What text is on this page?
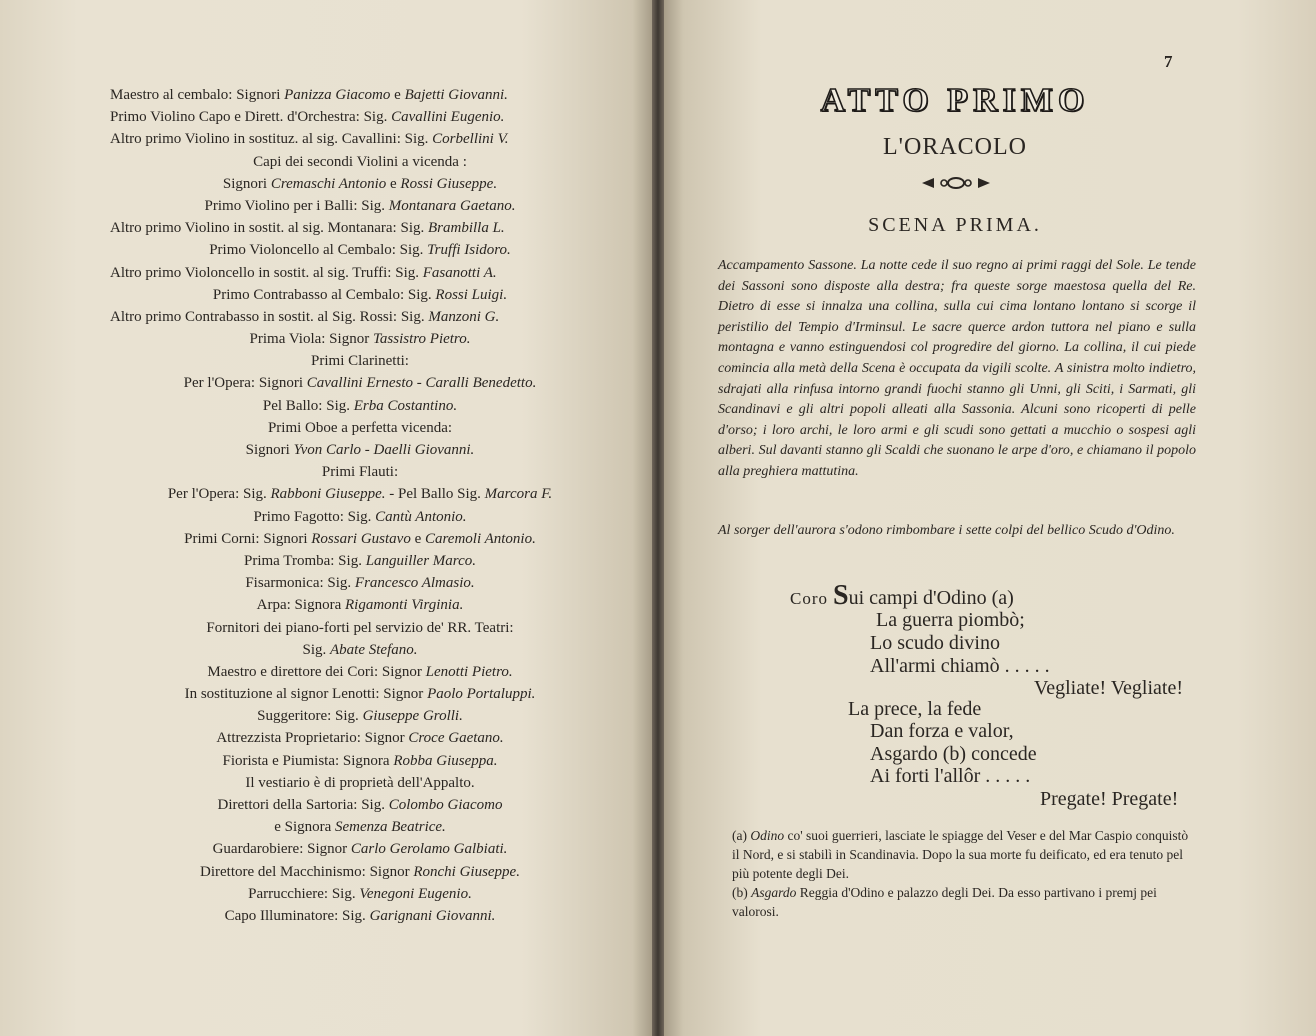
Maestro al cembalo: Signori Panizza Giacomo e Bajetti Giovanni.
Primo Violino Capo e Dirett. d'Orchestra: Sig. Cavallini Eugenio.
Altro primo Violino in sostituz. al sig. Cavallini: Sig. Corbellini V.
Capi dei secondi Violini a vicenda :
Signori Cremaschi Antonio e Rossi Giuseppe.
Primo Violino per i Balli: Sig. Montanara Gaetano.
Altro primo Violino in sostit. al sig. Montanara: Sig. Brambilla L.
Primo Violoncello al Cembalo: Sig. Truffi Isidoro.
Altro primo Violoncello in sostit. al sig. Truffi: Sig. Fasanotti A.
Primo Contrabasso al Cembalo: Sig. Rossi Luigi.
Altro primo Contrabasso in sostit. al Sig. Rossi: Sig. Manzoni G.
Prima Viola: Signor Tassistro Pietro.
Primi Clarinetti:
Per l'Opera: Signori Cavallini Ernesto - Caralli Benedetto.
Pel Ballo: Sig. Erba Costantino.
Primi Oboe a perfetta vicenda:
Signori Yvon Carlo - Daelli Giovanni.
Primi Flauti:
Per l'Opera: Sig. Rabboni Giuseppe. - Pel Ballo Sig. Marcora F.
Primo Fagotto: Sig. Cantù Antonio.
Primi Corni: Signori Rossari Gustavo e Caremoli Antonio.
Prima Tromba: Sig. Languiller Marco.
Fisarmonica: Sig. Francesco Almasio.
Arpa: Signora Rigamonti Virginia.
Fornitori dei piano-forti pel servizio de' RR. Teatri:
Sig. Abate Stefano.
Maestro e direttore dei Cori: Signor Lenotti Pietro.
In sostituzione al signor Lenotti: Signor Paolo Portaluppi.
Suggeritore: Sig. Giuseppe Grolli.
Attrezzista Proprietario: Signor Croce Gaetano.
Fiorista e Piumista: Signora Robba Giuseppa.
Il vestiario è di proprietà dell'Appalto.
Direttori della Sartoria: Sig. Colombo Giacomo
e Signora Semenza Beatrice.
Guardarobiere: Signor Carlo Gerolamo Galbiati.
Direttore del Macchinismo: Signor Ronchi Giuseppe.
Parrucchiere: Sig. Venegoni Eugenio.
Capo Illuminatore: Sig. Garignani Giovanni.
7
ATTO PRIMO
L'ORACOLO
SCENA PRIMA.
Accampamento Sassone. La notte cede il suo regno ai primi raggi del Sole. Le tende dei Sassoni sono disposte alla destra; fra queste sorge maestosa quella del Re. Dietro di esse si innalza una collina, sulla cui cima lontano lontano si scorge il peristilio del Tempio d'Irminsul. Le sacre querce ardon tuttora nel piano e sulla montagna e vanno estinguendosi col progredire del giorno. La collina, il cui piede comincia alla metà della Scena è occupata da vigili scolte. A sinistra molto indietro, sdrajati alla rinfusa intorno grandi fuochi stanno gli Unni, gli Sciti, i Sarmati, gli Scandinavi e gli altri popoli alleati alla Sassonia. Alcuni sono ricoperti di pelle d'orso; i loro archi, le loro armi e gli scudi sono gettati a mucchio o sospesi agli alberi. Sul davanti stanno gli Scaldi che suonano le arpe d'oro, e chiamano il popolo alla preghiera mattutina.
Al sorger dell'aurora s'odono rimbombare i sette colpi del bellico Scudo d'Odino.
Coro Sui campi d'Odino (a)
La guerra piombò;
Lo scudo divino
All'armi chiamò . . . . .
Vegliate! Vegliate!
La prece, la fede
Dan forza e valor,
Asgardo (b) concede
Ai forti l'allôr . . . . .
Pregate! Pregate!
(a) Odino co' suoi guerrieri, lasciate le spiagge del Veser e del Mar Caspio conquistò il Nord, e si stabilì in Scandinavia. Dopo la sua morte fu deificato, ed era tenuto pel più potente degli Dei.
(b) Asgardo Reggia d'Odino e palazzo degli Dei. Da esso partivano i premj pei valorosi.
